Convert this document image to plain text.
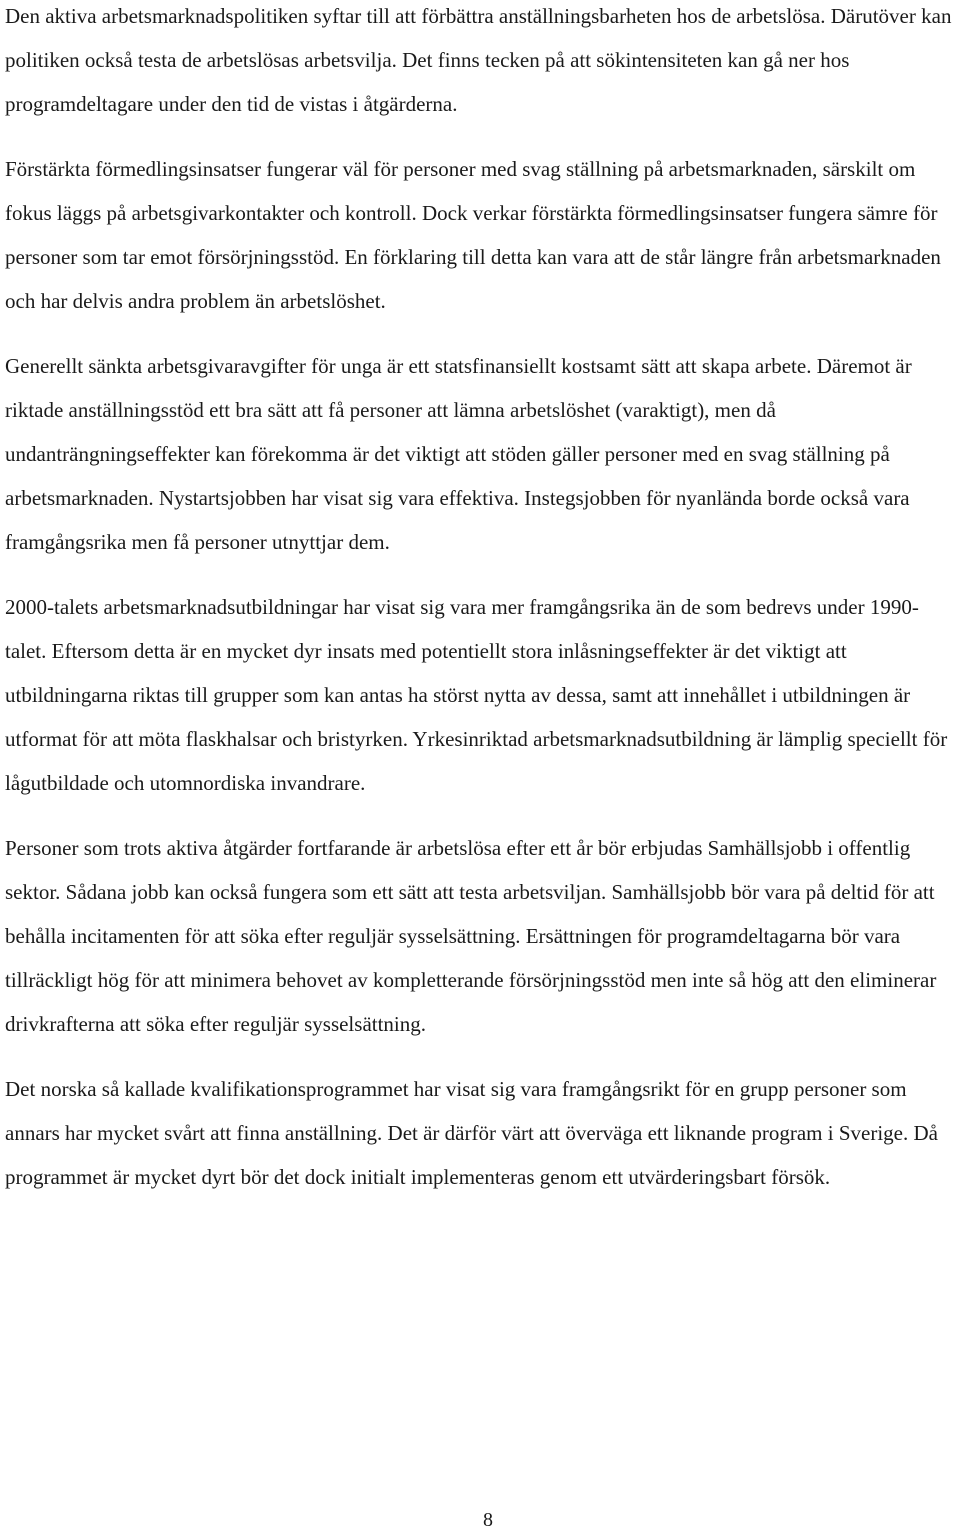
Den aktiva arbetsmarknadspolitiken syftar till att förbättra anställningsbarheten hos de arbetslösa. Därutöver kan politiken också testa de arbetslösas arbetsvilja. Det finns tecken på att sökintensiteten kan gå ner hos programdeltagare under den tid de vistas i åtgärderna.

Förstärkta förmedlingsinsatser fungerar väl för personer med svag ställning på arbetsmarknaden, särskilt om fokus läggs på arbetsgivarkontakter och kontroll. Dock verkar förstärkta förmedlingsinsatser fungera sämre för personer som tar emot försörjningsstöd. En förklaring till detta kan vara att de står längre från arbetsmarknaden och har delvis andra problem än arbetslöshet.

Generellt sänkta arbetsgivaravgifter för unga är ett statsfinansiellt kostsamt sätt att skapa arbete. Däremot är riktade anställningsstöd ett bra sätt att få personer att lämna arbetslöshet (varaktigt), men då undanträngningseffekter kan förekomma är det viktigt att stöden gäller personer med en svag ställning på arbetsmarknaden. Nystartsjobben har visat sig vara effektiva. Instegsjobben för nyanlända borde också vara framgångsrika men få personer utnyttjar dem.

2000-talets arbetsmarknadsutbildningar har visat sig vara mer framgångsrika än de som bedrevs under 1990-talet. Eftersom detta är en mycket dyr insats med potentiellt stora inlåsningseffekter är det viktigt att utbildningarna riktas till grupper som kan antas ha störst nytta av dessa, samt att innehållet i utbildningen är utformat för att möta flaskhalsar och bristyrken. Yrkesinriktad arbetsmarknadsutbildning är lämplig speciellt för lågutbildade och utomnordiska invandrare.

Personer som trots aktiva åtgärder fortfarande är arbetslösa efter ett år bör erbjudas Samhällsjobb i offentlig sektor. Sådana jobb kan också fungera som ett sätt att testa arbetsviljan. Samhällsjobb bör vara på deltid för att behålla incitamenten för att söka efter reguljär sysselsättning. Ersättningen för programdeltagarna bör vara tillräckligt hög för att minimera behovet av kompletterande försörjningsstöd men inte så hög att den eliminerar drivkrafterna att söka efter reguljär sysselsättning.

Det norska så kallade kvalifikationsprogrammet har visat sig vara framgångsrikt för en grupp personer som annars har mycket svårt att finna anställning. Det är därför värt att överväga ett liknande program i Sverige. Då programmet är mycket dyrt bör det dock initialt implementeras genom ett utvärderingsbart försök.

8
